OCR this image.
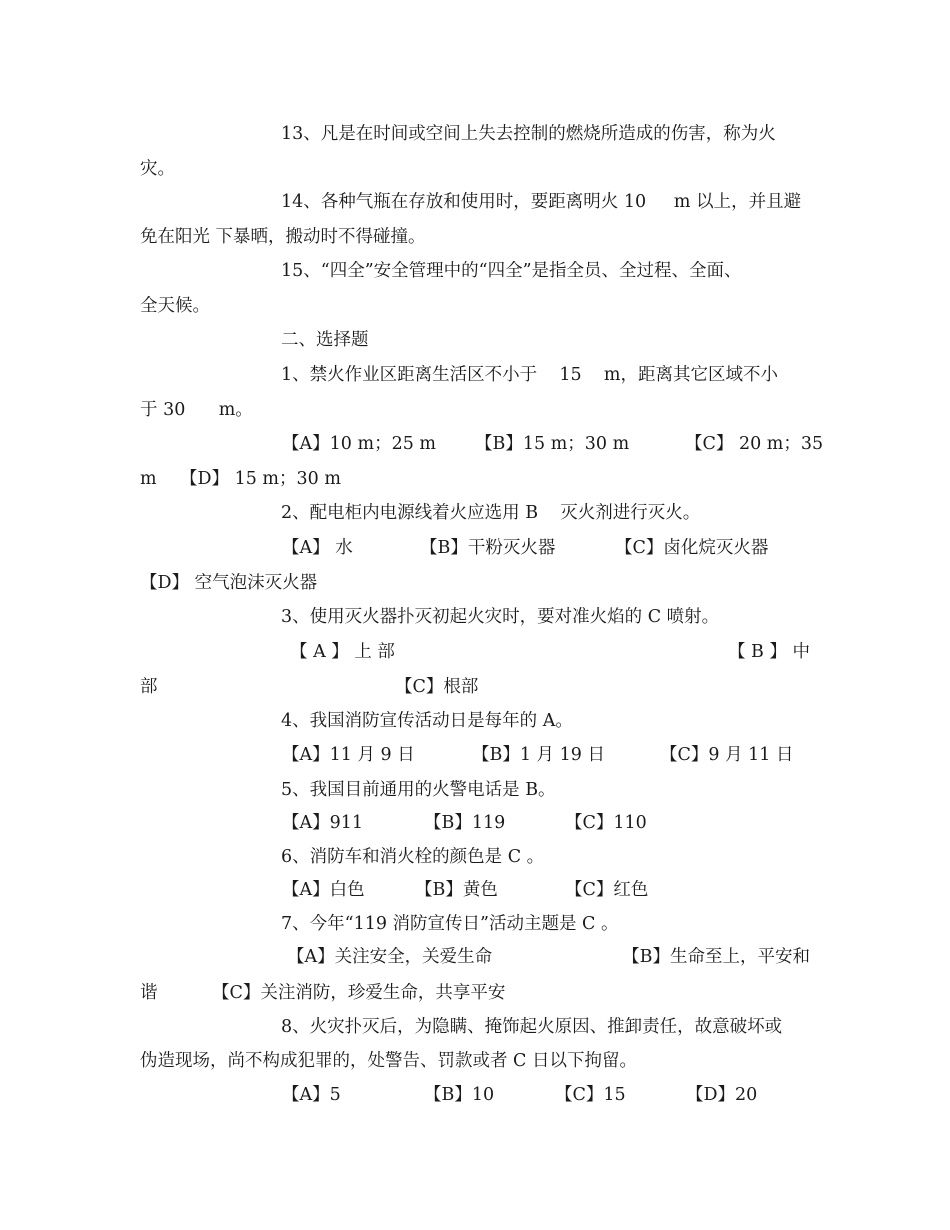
13、凡是在时间或空间上失去控制的燃烧所造成的伤害，称为火
灾。
14、各种气瓶在存放和使用时，要距离明火 10     m 以上，并且避
免在阳光 下暴晒，搬动时不得碰撞。
15、“四全”安全管理中的“四全”是指全员、全过程、全面、
全天候。
二、选择题
1、禁火作业区距离生活区不小于    15    m，距离其它区域不小
于 30      m。
【A】10 m；25 m 【B】15 m；30 m	【C】 20 m；35
m 【D】 15 m；30 m
2、配电柜内电源线着火应选用 B    灭火剂进行灭火。
【A】 水	【B】干粉灭火器	【C】卤化烷灭火器
【D】 空气泡沫灭火器
3、使用灭火器扑灭初起火灾时，要对准火焰的 C 喷射。
【 A 】 上 部	【 B 】 中
部	【C】根部
4、我国消防宣传活动日是每年的 A。
【A】11 月 9 日	【B】1 月 19 日	【C】9 月 11 日
5、我国目前通用的火警电话是 B。
【A】911	【B】119	【C】110
6、消防车和消火栓的颜色是 C 。
【A】白色	【B】黄色	【C】红色
7、今年“119 消防宣传日”活动主题是 C 。
【A】关注安全，关爱生命	【B】生命至上，平安和
谐	【C】关注消防，珍爱生命，共享平安
8、火灾扑灭后，为隐瞒、掩饰起火原因、推卸责任，故意破坏或
伪造现场，尚不构成犯罪的，处警告、罚款或者 C 日以下拘留。
【A】5	【B】10	【C】15	【D】20
